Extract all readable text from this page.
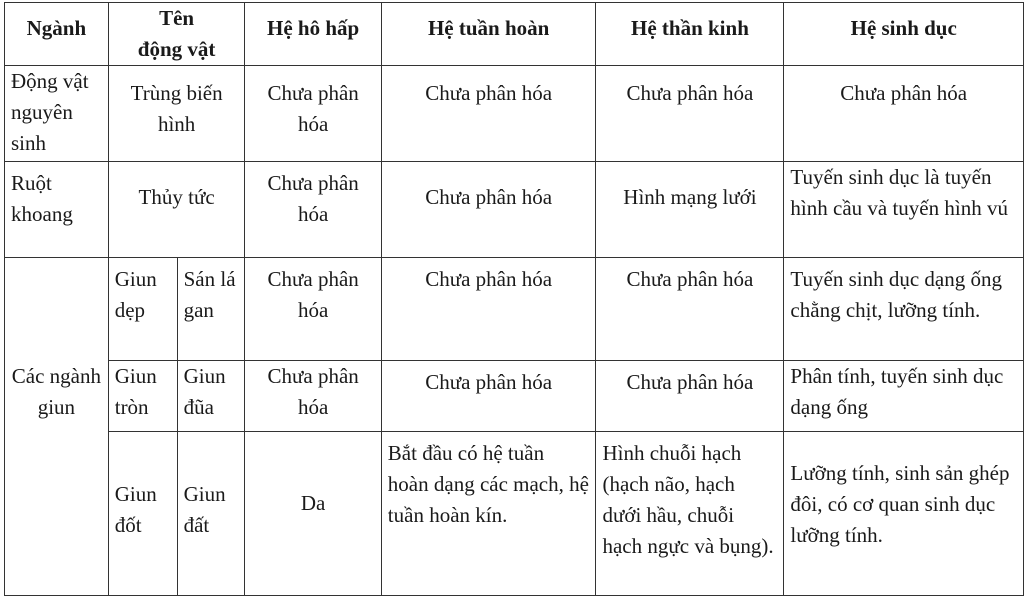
Ngành	Tên động vật		Hệ hô hấp	Hệ tuần hoàn	Hệ thần kinh	Hệ sinh dục
Động vật nguyên sinh	Trùng biến hình		Chưa phân hóa	Chưa phân hóa	Chưa phân hóa	Chưa phân hóa
Ruột khoang	Thủy tức		Chưa phân hóa	Chưa phân hóa	Hình mạng lưới	Tuyến sinh dục là tuyến hình cầu và tuyến hình vú
Các ngành giun	Giun dẹp	Sán lá gan	Chưa phân hóa	Chưa phân hóa	Chưa phân hóa	Tuyến sinh dục dạng ống chằng chịt, lưỡng tính.
	Giun tròn	Giun đũa	Chưa phân hóa	Chưa phân hóa	Chưa phân hóa	Phân tính, tuyến sinh dục dạng ống
	Giun đốt	Giun đất	Da	Bắt đầu có hệ tuần hoàn dạng các mạch, hệ tuần hoàn kín.	Hình chuỗi hạch (hạch não, hạch dưới hầu, chuỗi hạch ngực và bụng).	Lưỡng tính, sinh sản ghép đôi, có cơ quan sinh dục lưỡng tính.
